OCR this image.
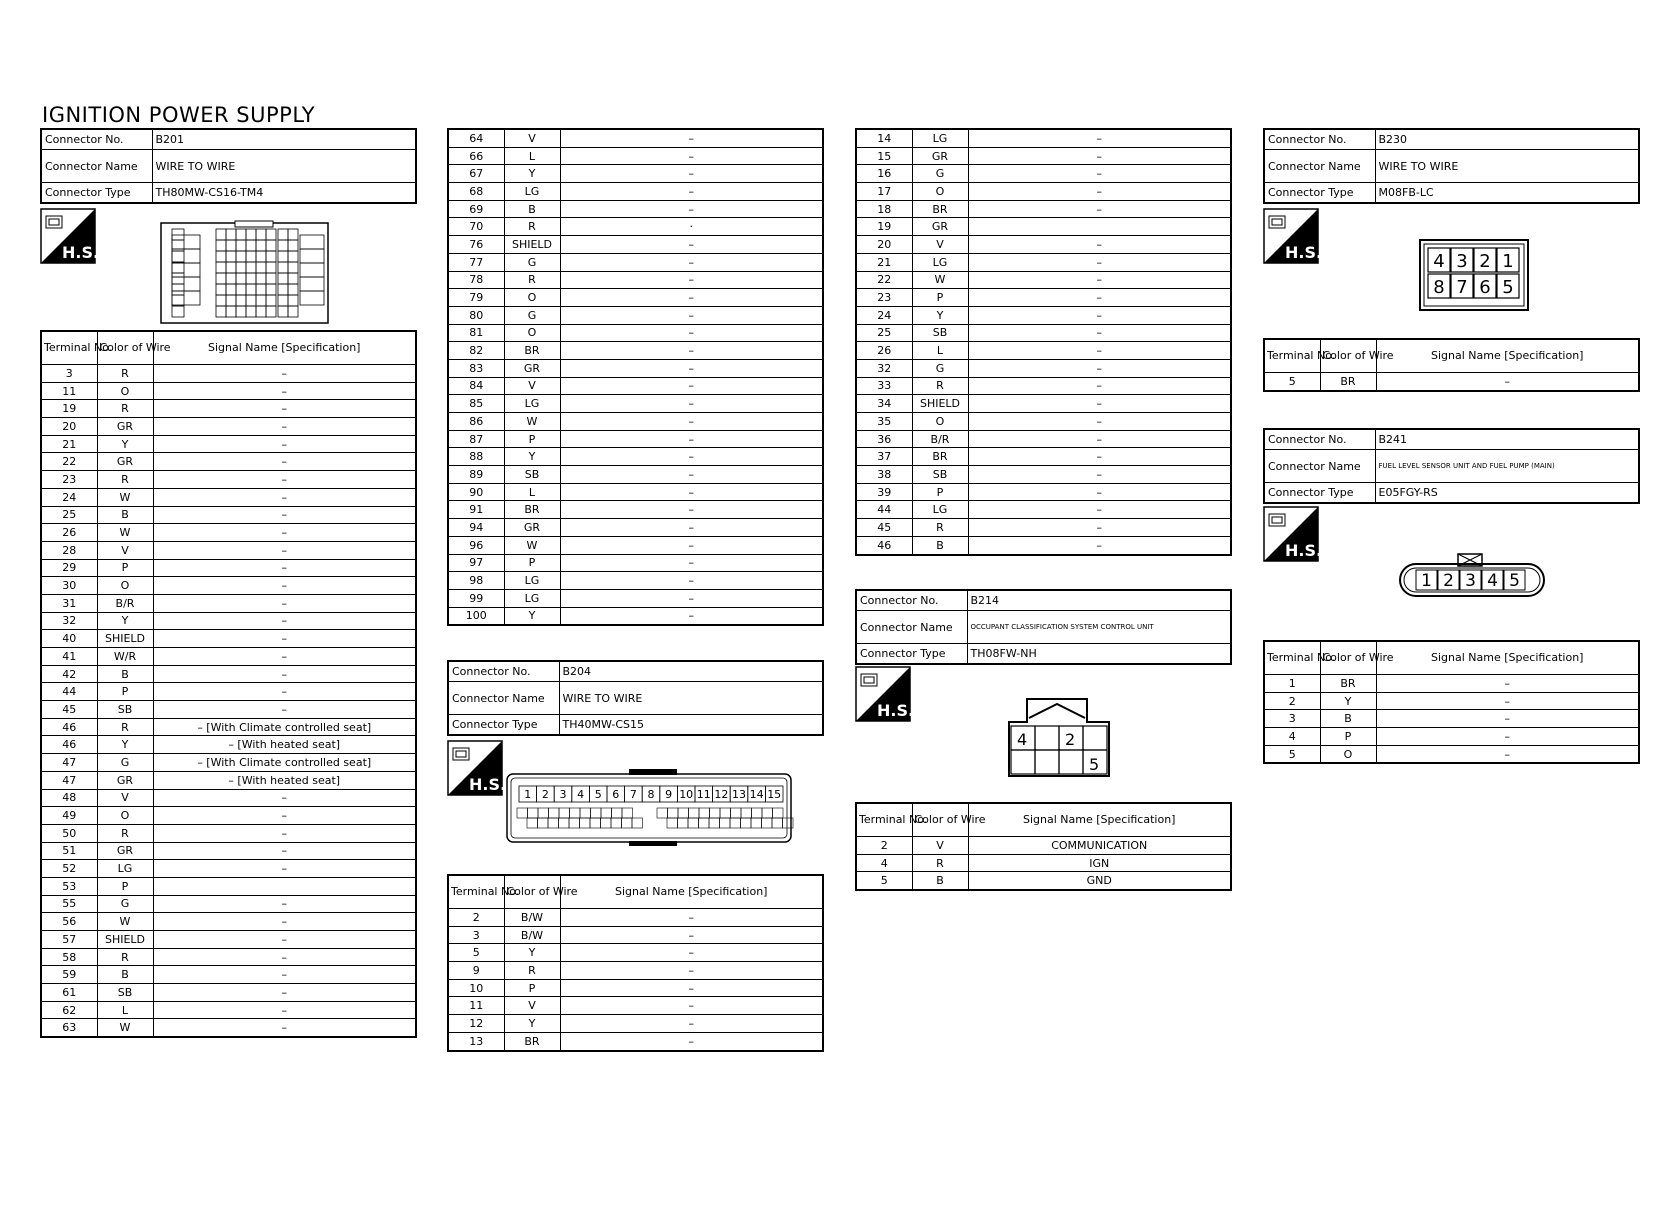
IGNITION POWER SUPPLY
Connector No.	B201
Connector Name	WIRE TO WIRE
Connector Type	TH80MW-CS16-TM4
H.S.
Terminal No.	Color of Wire	Signal Name [Specification]
3	R	–
11	O	–
19	R	–
20	GR	–
21	Y	–
22	GR	–
23	R	–
24	W	–
25	B	–
26	W	–
28	V	–
29	P	–
30	O	–
31	B/R	–
32	Y	–
40	SHIELD	–
41	W/R	–
42	B	–
44	P	–
45	SB	–
46	R	– [With Climate controlled seat]
46	Y	– [With heated seat]
47	G	– [With Climate controlled seat]
47	GR	– [With heated seat]
48	V	–
49	O	–
50	R	–
51	GR	–
52	LG	–
53	P	
55	G	–
56	W	–
57	SHIELD	–
58	R	–
59	B	–
61	SB	–
62	L	–
63	W	–
64	V	–
66	L	–
67	Y	–
68	LG	–
69	B	–
70	R	·
76	SHIELD	–
77	G	–
78	R	–
79	O	–
80	G	–
81	O	–
82	BR	–
83	GR	–
84	V	–
85	LG	–
86	W	–
87	P	–
88	Y	–
89	SB	–
90	L	–
91	BR	–
94	GR	–
96	W	–
97	P	–
98	LG	–
99	LG	–
100	Y	–
Connector No.	B204
Connector Name	WIRE TO WIRE
Connector Type	TH40MW-CS15
H.S.
1 2 3 4 5 6 7 8 9 10 11 12 13 14 15
Terminal No.	Color of Wire	Signal Name [Specification]
2	B/W	–
3	B/W	–
5	Y	–
9	R	–
10	P	–
11	V	–
12	Y	–
13	BR	–
14	LG	–
15	GR	–
16	G	–
17	O	–
18	BR	–
19	GR	
20	V	–
21	LG	–
22	W	–
23	P	–
24	Y	–
25	SB	–
26	L	–
32	G	–
33	R	–
34	SHIELD	–
35	O	–
36	B/R	–
37	BR	–
38	SB	–
39	P	–
44	LG	–
45	R	–
46	B	–
Connector No.	B214
Connector Name	OCCUPANT CLASSIFICATION SYSTEM CONTROL UNIT
Connector Type	TH08FW-NH
H.S.
4 2
5
Terminal No.	Color of Wire	Signal Name [Specification]
2	V	COMMUNICATION
4	R	IGN
5	B	GND
Connector No.	B230
Connector Name	WIRE TO WIRE
Connector Type	M08FB-LC
H.S.	4 3 2 1
8 7 6 5
Terminal No.	Color of Wire	Signal Name [Specification]
5	BR	–
Connector No.	B241
Connector Name	FUEL LEVEL SENSOR UNIT AND FUEL PUMP (MAIN)
Connector Type	E05FGY-RS
H.S.
1 2 3 4 5
Terminal No.	Color of Wire	Signal Name [Specification]
1	BR	–
2	Y	–
3	B	–
4	P	–
5	O	–
